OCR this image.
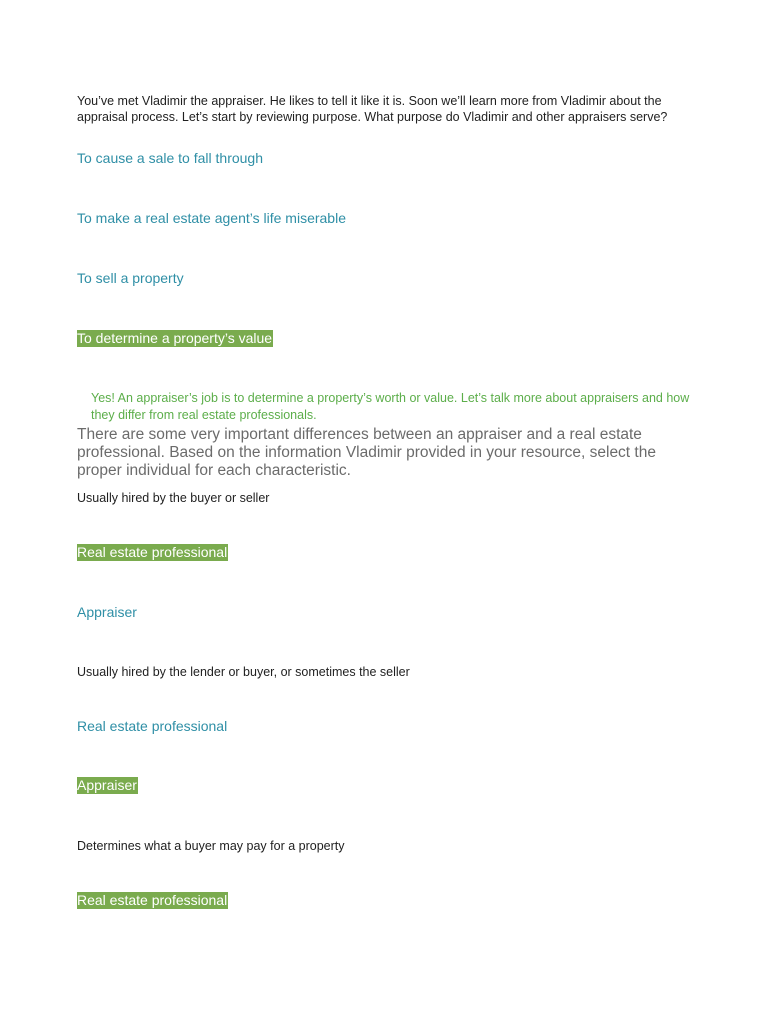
You’ve met Vladimir the appraiser. He likes to tell it like it is. Soon we’ll learn more from Vladimir about the appraisal process. Let’s start by reviewing purpose. What purpose do Vladimir and other appraisers serve?
To cause a sale to fall through
To make a real estate agent’s life miserable
To sell a property
To determine a property’s value
Yes! An appraiser’s job is to determine a property’s worth or value. Let’s talk more about appraisers and how they differ from real estate professionals.
There are some very important differences between an appraiser and a real estate professional. Based on the information Vladimir provided in your resource, select the proper individual for each characteristic.
Usually hired by the buyer or seller
Real estate professional
Appraiser
Usually hired by the lender or buyer, or sometimes the seller
Real estate professional
Appraiser
Determines what a buyer may pay for a property
Real estate professional
